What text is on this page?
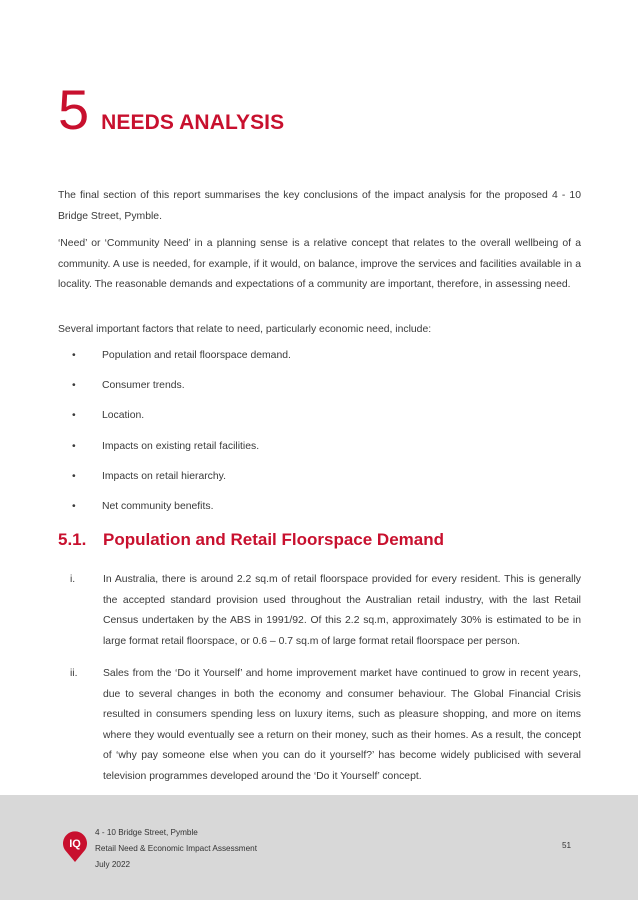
5 NEEDS ANALYSIS

The final section of this report summarises the key conclusions of the impact analysis for the proposed 4 - 10 Bridge Street, Pymble.

‘Need’ or ‘Community Need’ in a planning sense is a relative concept that relates to the overall wellbeing of a community. A use is needed, for example, if it would, on balance, improve the services and facilities available in a locality. The reasonable demands and expectations of a community are important, therefore, in assessing need.

Several important factors that relate to need, particularly economic need, include:

•	Population and retail floorspace demand.
•	Consumer trends.
•	Location.
•	Impacts on existing retail facilities.
•	Impacts on retail hierarchy.
•	Net community benefits.
5.1. Population and Retail Floorspace Demand
i.	In Australia, there is around 2.2 sq.m of retail floorspace provided for every resident. This is generally the accepted standard provision used throughout the Australian retail industry, with the last Retail Census undertaken by the ABS in 1991/92. Of this 2.2 sq.m, approximately 30% is estimated to be in large format retail floorspace, or 0.6 – 0.7 sq.m of large format retail floorspace per person.
ii. Sales from the ‘Do it Yourself’ and home improvement market have continued to grow in recent years, due to several changes in both the economy and consumer behaviour. The Global Financial Crisis resulted in consumers spending less on luxury items, such as pleasure shopping, and more on items where they would eventually see a return on their money, such as their homes. As a result, the concept of ‘why pay someone else when you can do it yourself?’ has become widely publicised with several television programmes developed around the ‘Do it Yourself’ concept.
IQ
4 - 10 Bridge Street, Pymble
Retail Need & Economic Impact Assessment
July 2022
51
